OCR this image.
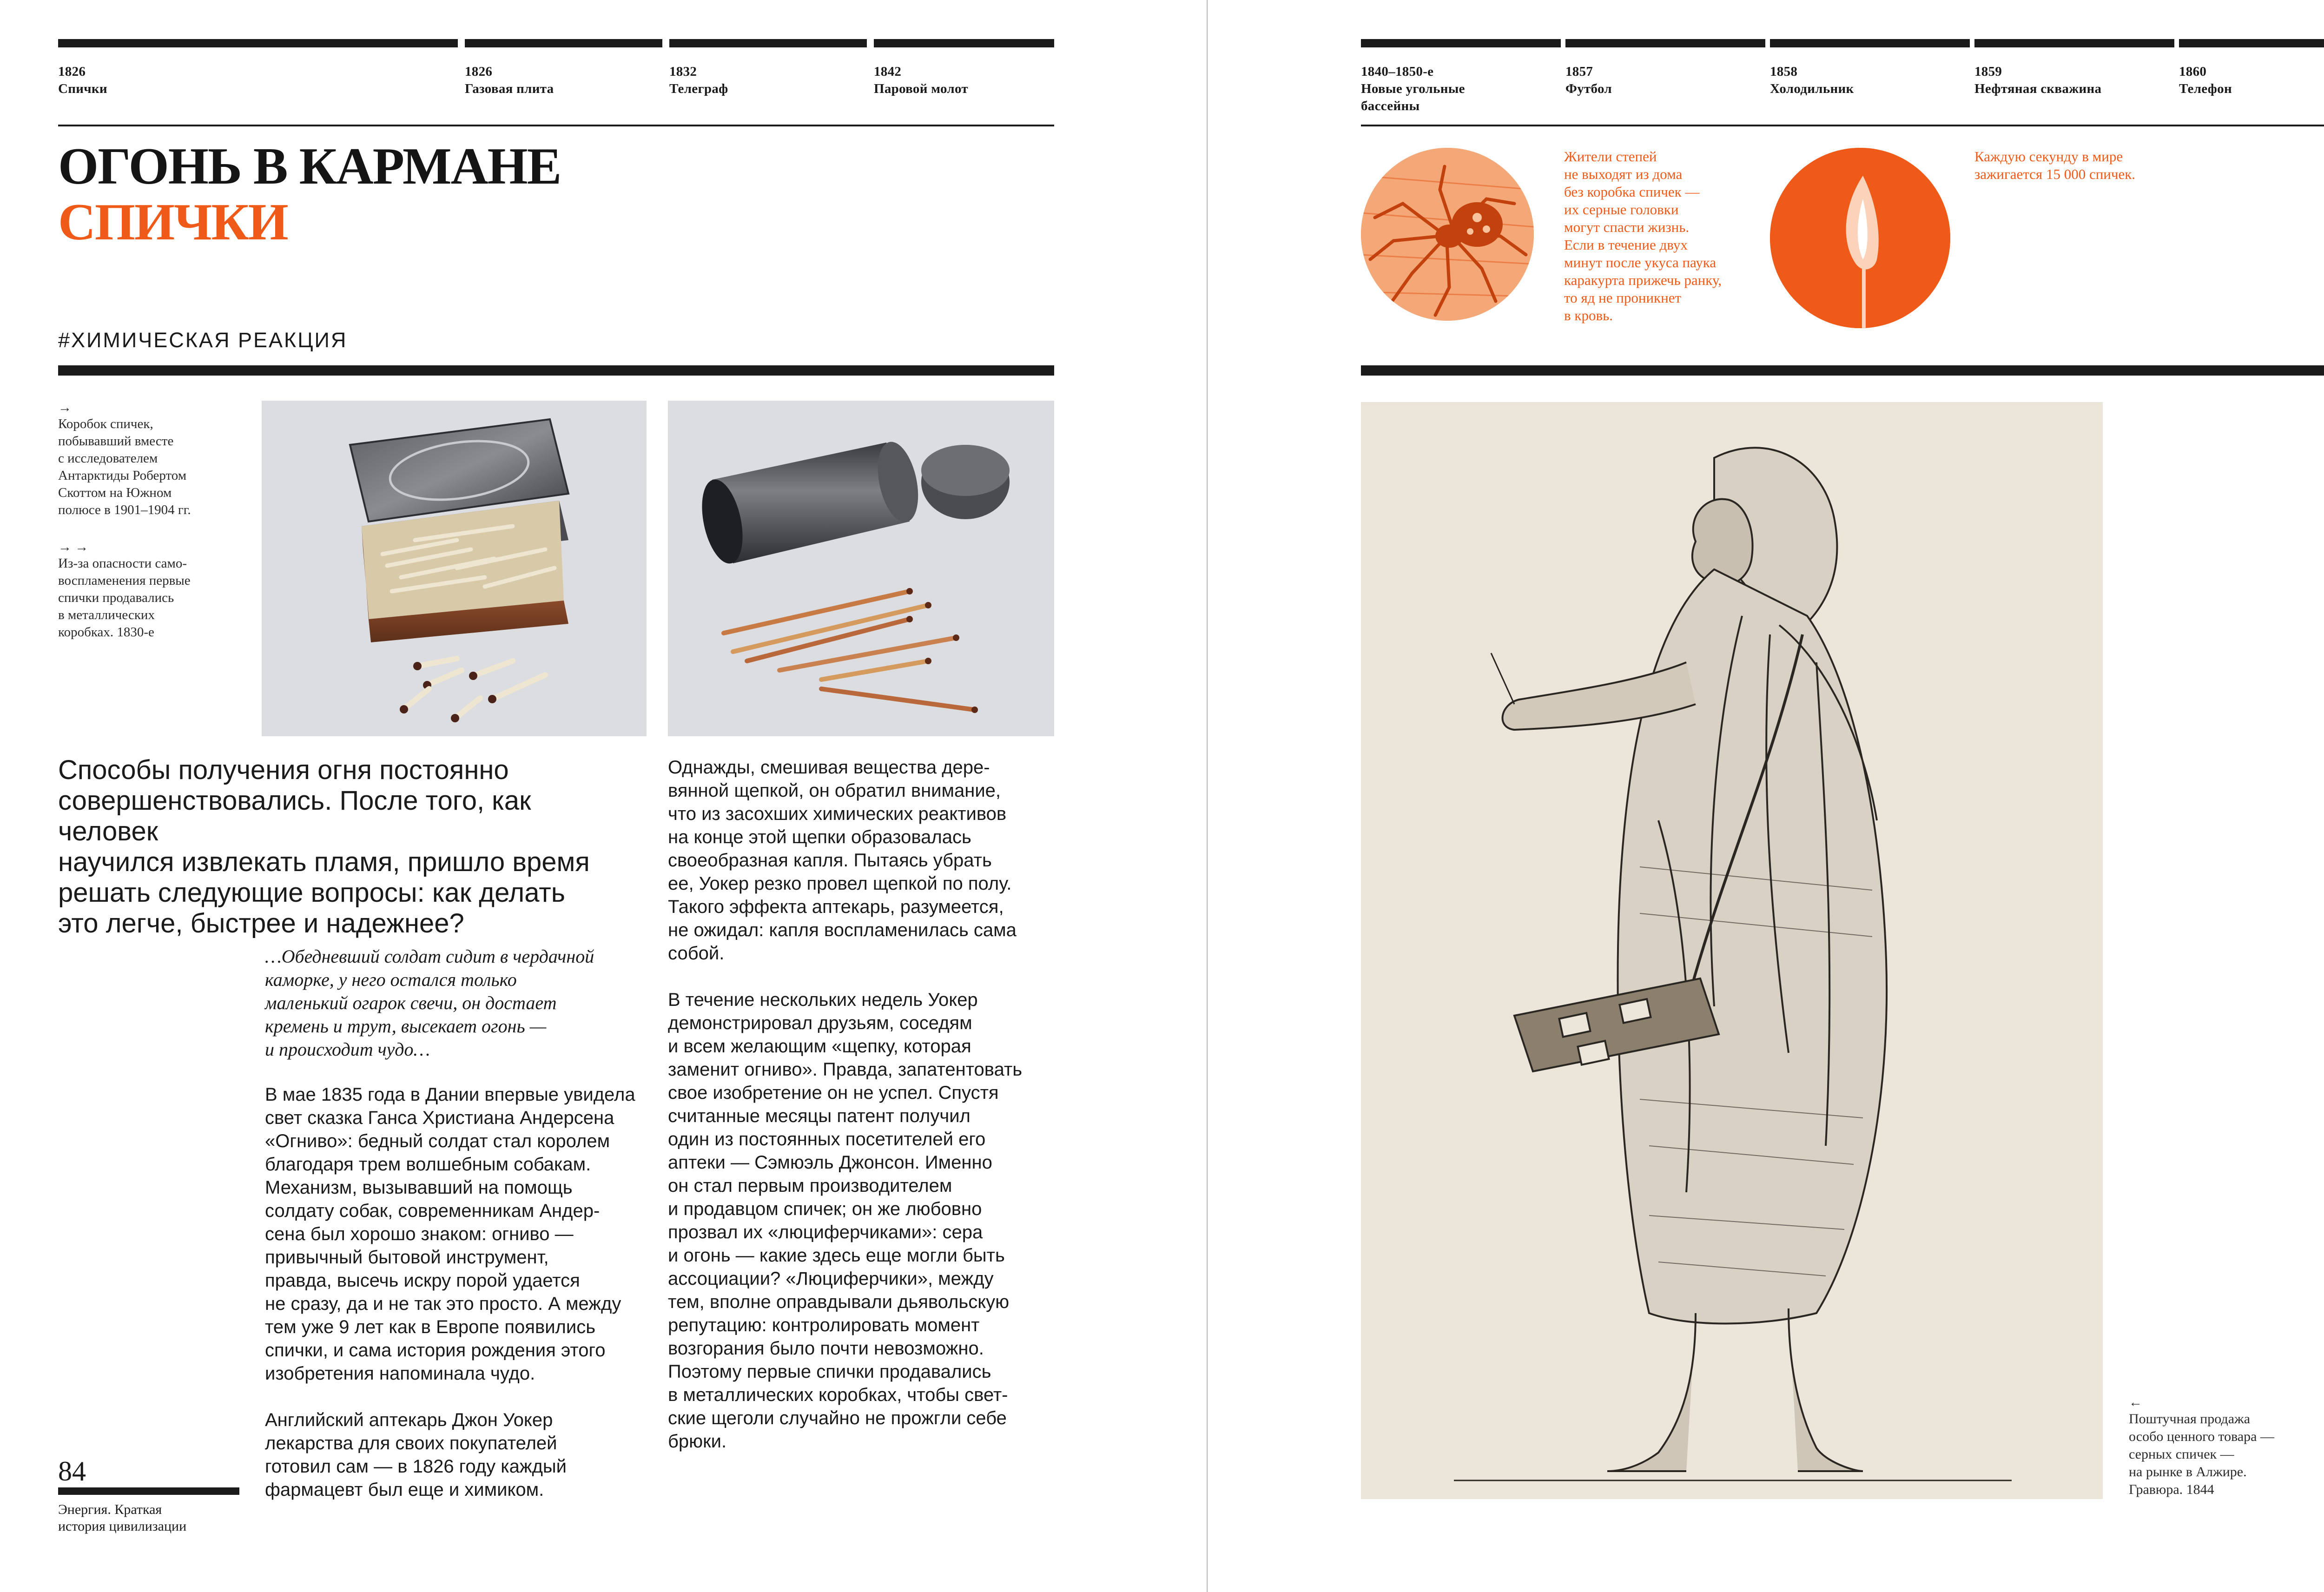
1826
Спички
1826
Газовая плита
1832
Телеграф
1842
Паровой молот
ОГОНЬ В КАРМАНЕ
СПИЧКИ
#ХИМИЧЕСКАЯ РЕАКЦИЯ
→
Коробок спичек,
побывавший вместе
с исследователем
Антарктиды Робертом
Скоттом на Южном
полюсе в 1901–1904 гг.
→ →
Из-за опасности само-
воспламенения первые
спички продавались
в металлических
коробках. 1830-е
Способы получения огня постоянно
совершенствовались. После того, как человек
научился извлекать пламя, пришло время
решать следующие вопросы: как делать
это легче, быстрее и надежнее?
…Обедневший солдат сидит в чердачной
каморке, у него остался только
маленький огарок свечи, он достает
кремень и трут, высекает огонь —
и происходит чудо…
В мае 1835 года в Дании впервые увидела
свет сказка Ганса Христиана Андерсена
«Огниво»: бедный солдат стал королем
благодаря трем волшебным собакам.
Механизм, вызывавший на помощь
солдату собак, современникам Андер-
сена был хорошо знаком: огниво —
привычный бытовой инструмент,
правда, высечь искру порой удается
не сразу, да и не так это просто. А между
тем уже 9 лет как в Европе появились
спички, и сама история рождения этого
изобретения напоминала чудо.
Английский аптекарь Джон Уокер
лекарства для своих покупателей
готовил сам — в 1826 году каждый
фармацевт был еще и химиком.
Однажды, смешивая вещества дере-
вянной щепкой, он обратил внимание,
что из засохших химических реактивов
на конце этой щепки образовалась
своеобразная капля. Пытаясь убрать
ее, Уокер резко провел щепкой по полу.
Такого эффекта аптекарь, разумеется,
не ожидал: капля воспламенилась сама
собой.
В течение нескольких недель Уокер
демонстрировал друзьям, соседям
и всем желающим «щепку, которая
заменит огниво». Правда, запатентовать
свое изобретение он не успел. Спустя
считанные месяцы патент получил
один из постоянных посетителей его
аптеки — Сэмюэль Джонсон. Именно
он стал первым производителем
и продавцом спичек; он же любовно
прозвал их «люциферчиками»: сера
и огонь — какие здесь еще могли быть
ассоциации? «Люциферчики», между
тем, вполне оправдывали дьявольскую
репутацию: контролировать момент
возгорания было почти невозможно.
Поэтому первые спички продавались
в металлических коробках, чтобы свет-
ские щеголи случайно не прожгли себе
брюки.
84
Энергия. Краткая
история цивилизации
1840–1850-е
Новые угольные
бассейны
1857
Футбол
1858
Холодильник
1859
Нефтяная скважина
1860
Телефон
Жители степей
не выходят из дома
без коробка спичек —
их серные головки
могут спасти жизнь.
Если в течение двух
минут после укуса паука
каракурта прижечь ранку,
то яд не проникнет
в кровь.
Каждую секунду в мире
зажигается 15 000 спичек.
←
Поштучная продажа
особо ценного товара —
серных спичек —
на рынке в Алжире.
Гравюра. 1844
